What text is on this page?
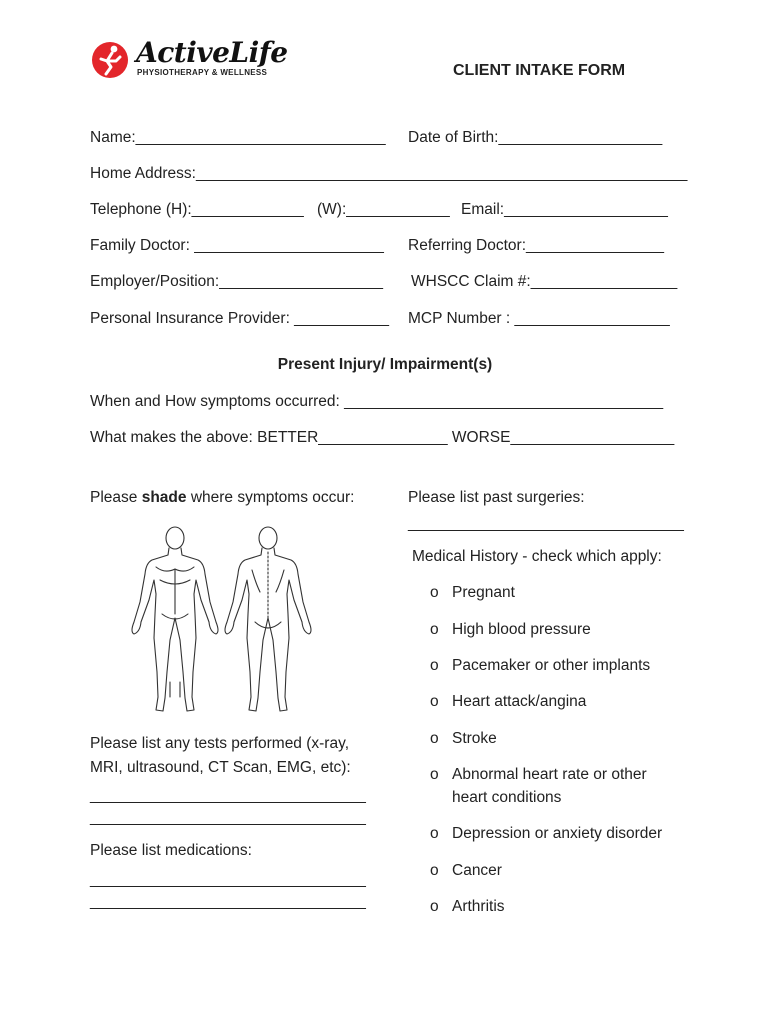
ActiveLife
PHYSIOTHERAPY & WELLNESS	CLIENT INTAKE FORM
Name:_____________________________ Date of Birth:___________________
Home Address:_________________________________________________________
Telephone (H):_____________ (W):____________ Email:___________________
Family Doctor: ______________________ Referring Doctor:________________
Employer/Position:___________________ WHSCC Claim #:_________________
Personal Insurance Provider: ___________ MCP Number : __________________
Present Injury/ Impairment(s)
When and How symptoms occurred: _____________________________________
What makes the above: BETTER_______________ WORSE___________________
Please shade where symptoms occur:
Please list any tests performed (x-ray,
MRI, ultrasound, CT Scan, EMG, etc):
________________________________
________________________________
Please list medications:
________________________________
________________________________
Please list past surgeries:
________________________________
Medical History - check which apply:
o Pregnant
o High blood pressure
o Pacemaker or other implants
o Heart attack/angina
o Stroke
o Abnormal heart rate or other
heart conditions
o Depression or anxiety disorder
o Cancer
o Arthritis
